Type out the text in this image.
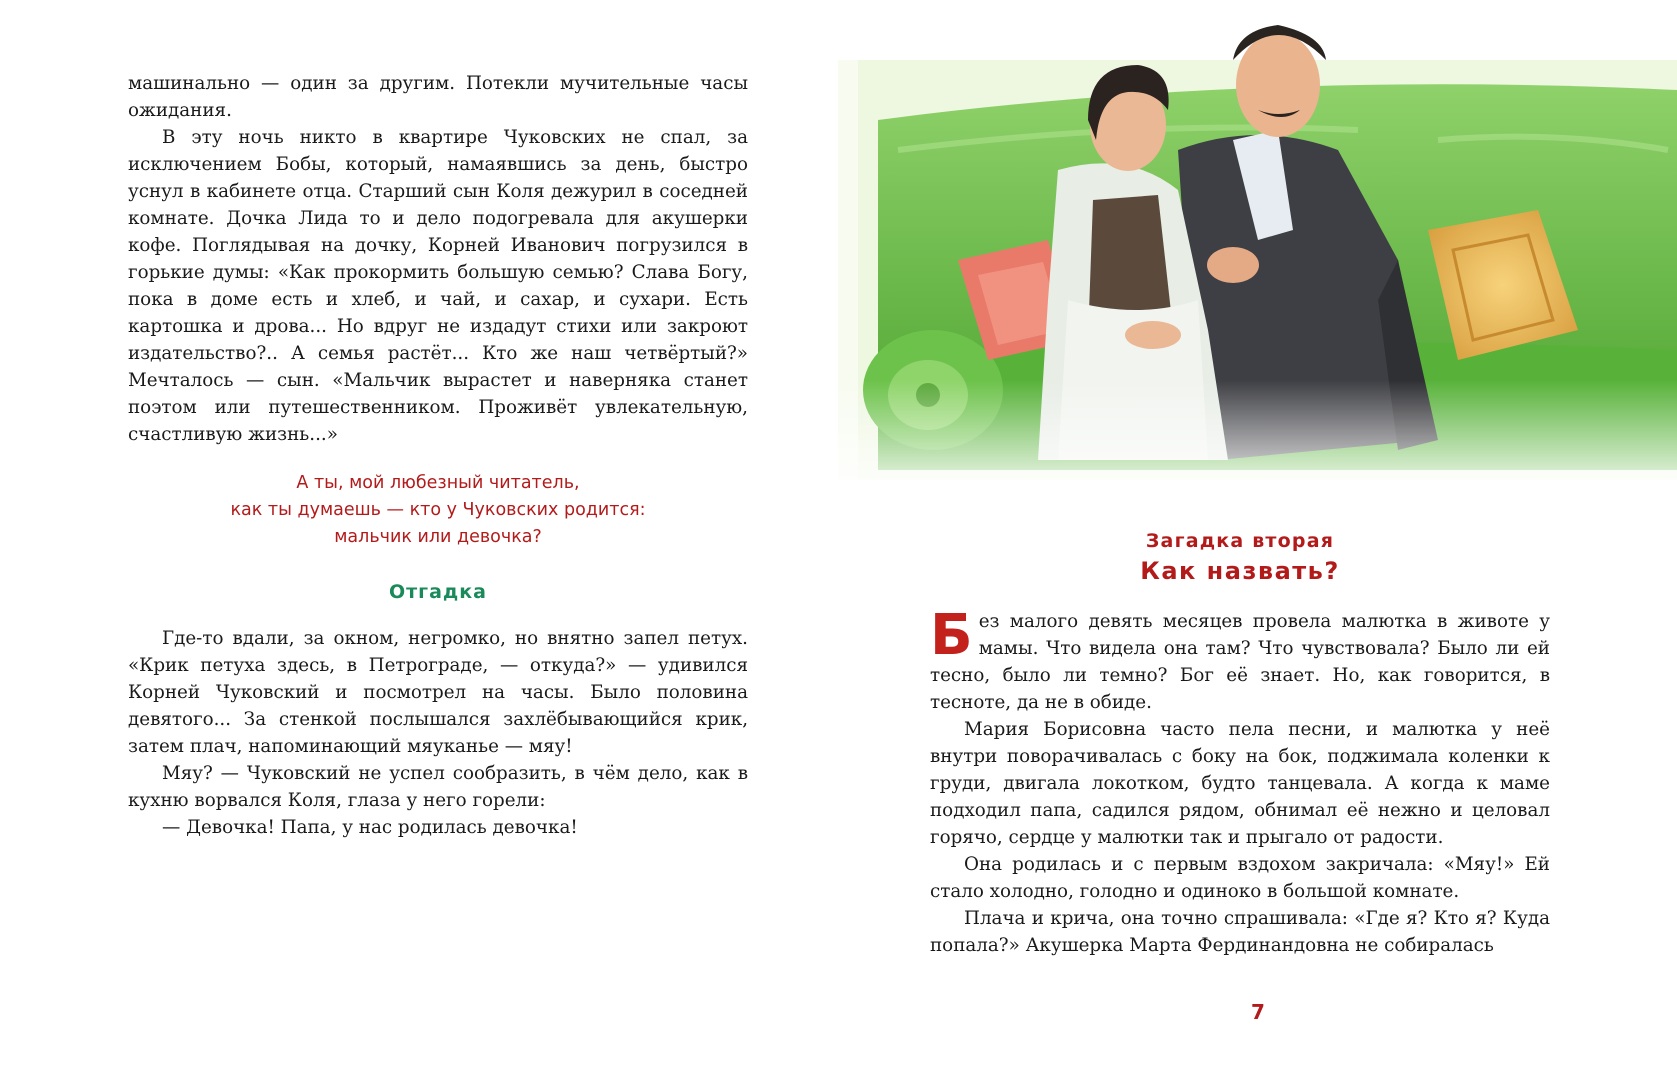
машинально — один за другим. Потекли мучительные часы ожидания.

В эту ночь никто в квартире Чуковских не спал, за исключением Бобы, который, намаявшись за день, быстро уснул в кабинете отца. Старший сын Коля дежурил в соседней комнате. Дочка Лида то и дело подогревала для акушерки кофе. Поглядывая на дочку, Корней Иванович погрузился в горькие думы: «Как прокормить большую семью? Слава Богу, пока в доме есть и хлеб, и чай, и сахар, и сухари. Есть картошка и дрова... Но вдруг не издадут стихи или закроют издательство?.. А семья растёт... Кто же наш четвёртый?» Мечталось — сын. «Мальчик вырастет и наверняка станет поэтом или путешественником. Проживёт увлекательную, счастливую жизнь...»

А ты, мой любезный читатель,
как ты думаешь — кто у Чуковских родится:
мальчик или девочка?
Отгадка

Где-то вдали, за окном, негромко, но внятно запел петух. «Крик петуха здесь, в Петрограде, — откуда?» — удивился Корней Чуковский и посмотрел на часы. Было половина девятого... За стенкой послышался захлёбывающийся крик, затем плач, напоминающий мяуканье — мяу!

Мяу? — Чуковский не успел сообразить, в чём дело, как в кухню ворвался Коля, глаза у него горели:

— Девочка! Папа, у нас родилась девочка!

Загадка вторая
Как назвать?

Без малого девять месяцев провела малютка в животе у мамы. Что видела она там? Что чувствовала? Было ли ей тесно, было ли темно? Бог её знает. Но, как говорится, в тесноте, да не в обиде.

Мария Борисовна часто пела песни, и малютка у неё внутри поворачивалась с боку на бок, поджимала коленки к груди, двигала локотком, будто танцевала. А когда к маме подходил папа, садился рядом, обнимал её нежно и целовал горячо, сердце у малютки так и прыгало от радости.

Она родилась и с первым вздохом закричала: «Мяу!» Ей стало холодно, голодно и одиноко в большой комнате.

Плача и крича, она точно спрашивала: «Где я? Кто я? Куда попала?» Акушерка Марта Фердинандовна не собиралась

7
